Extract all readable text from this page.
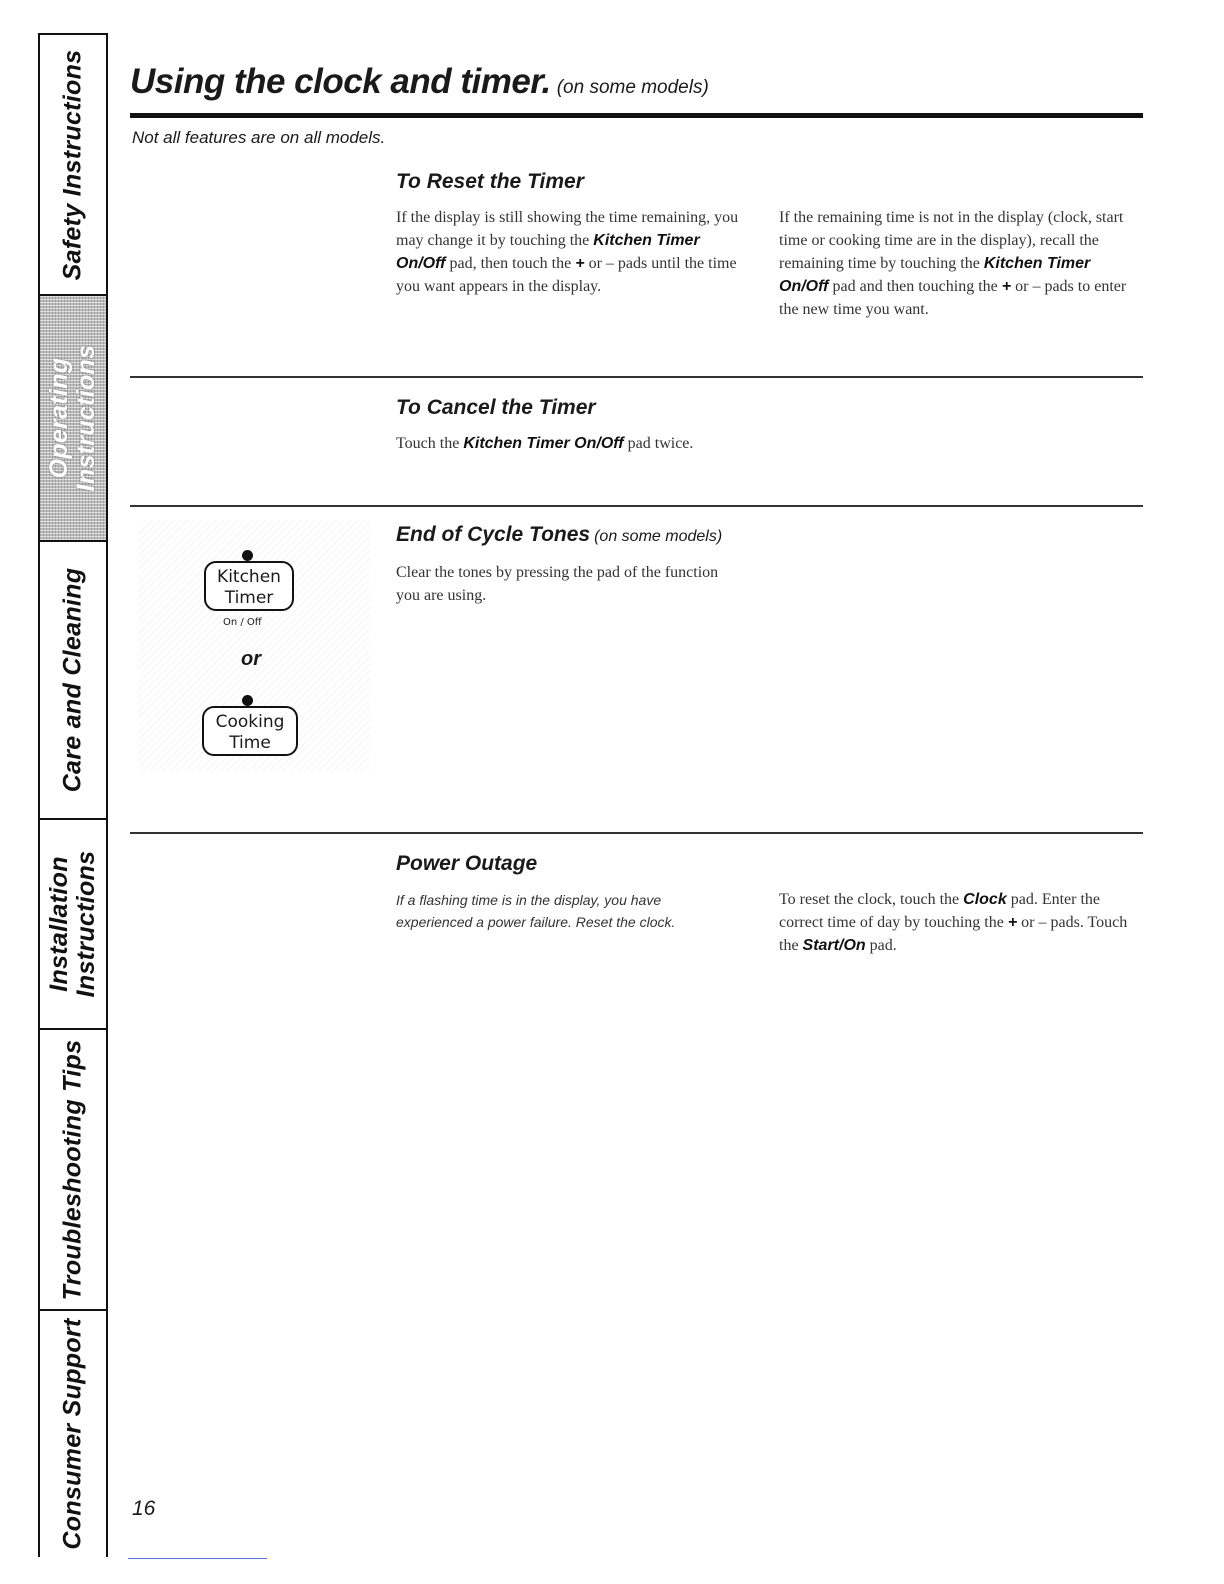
Safety Instructions
Operating Instructions
Care and Cleaning
Installation Instructions
Troubleshooting Tips
Consumer Support
Using the clock and timer. (on some models)
Not all features are on all models.
To Reset the Timer
If the display is still showing the time remaining, you may change it by touching the Kitchen Timer On/Off pad, then touch the + or – pads until the time you want appears in the display.
If the remaining time is not in the display (clock, start time or cooking time are in the display), recall the remaining time by touching the Kitchen Timer On/Off pad and then touching the + or – pads to enter the new time you want.
To Cancel the Timer
Touch the Kitchen Timer On/Off pad twice.
End of Cycle Tones (on some models)
Clear the tones by pressing the pad of the function you are using.
Kitchen
Timer
On / Off
or
Cooking
Time
Power Outage
If a flashing time is in the display, you have experienced a power failure. Reset the clock.
To reset the clock, touch the Clock pad. Enter the correct time of day by touching the + or – pads. Touch the Start/On pad.
16
